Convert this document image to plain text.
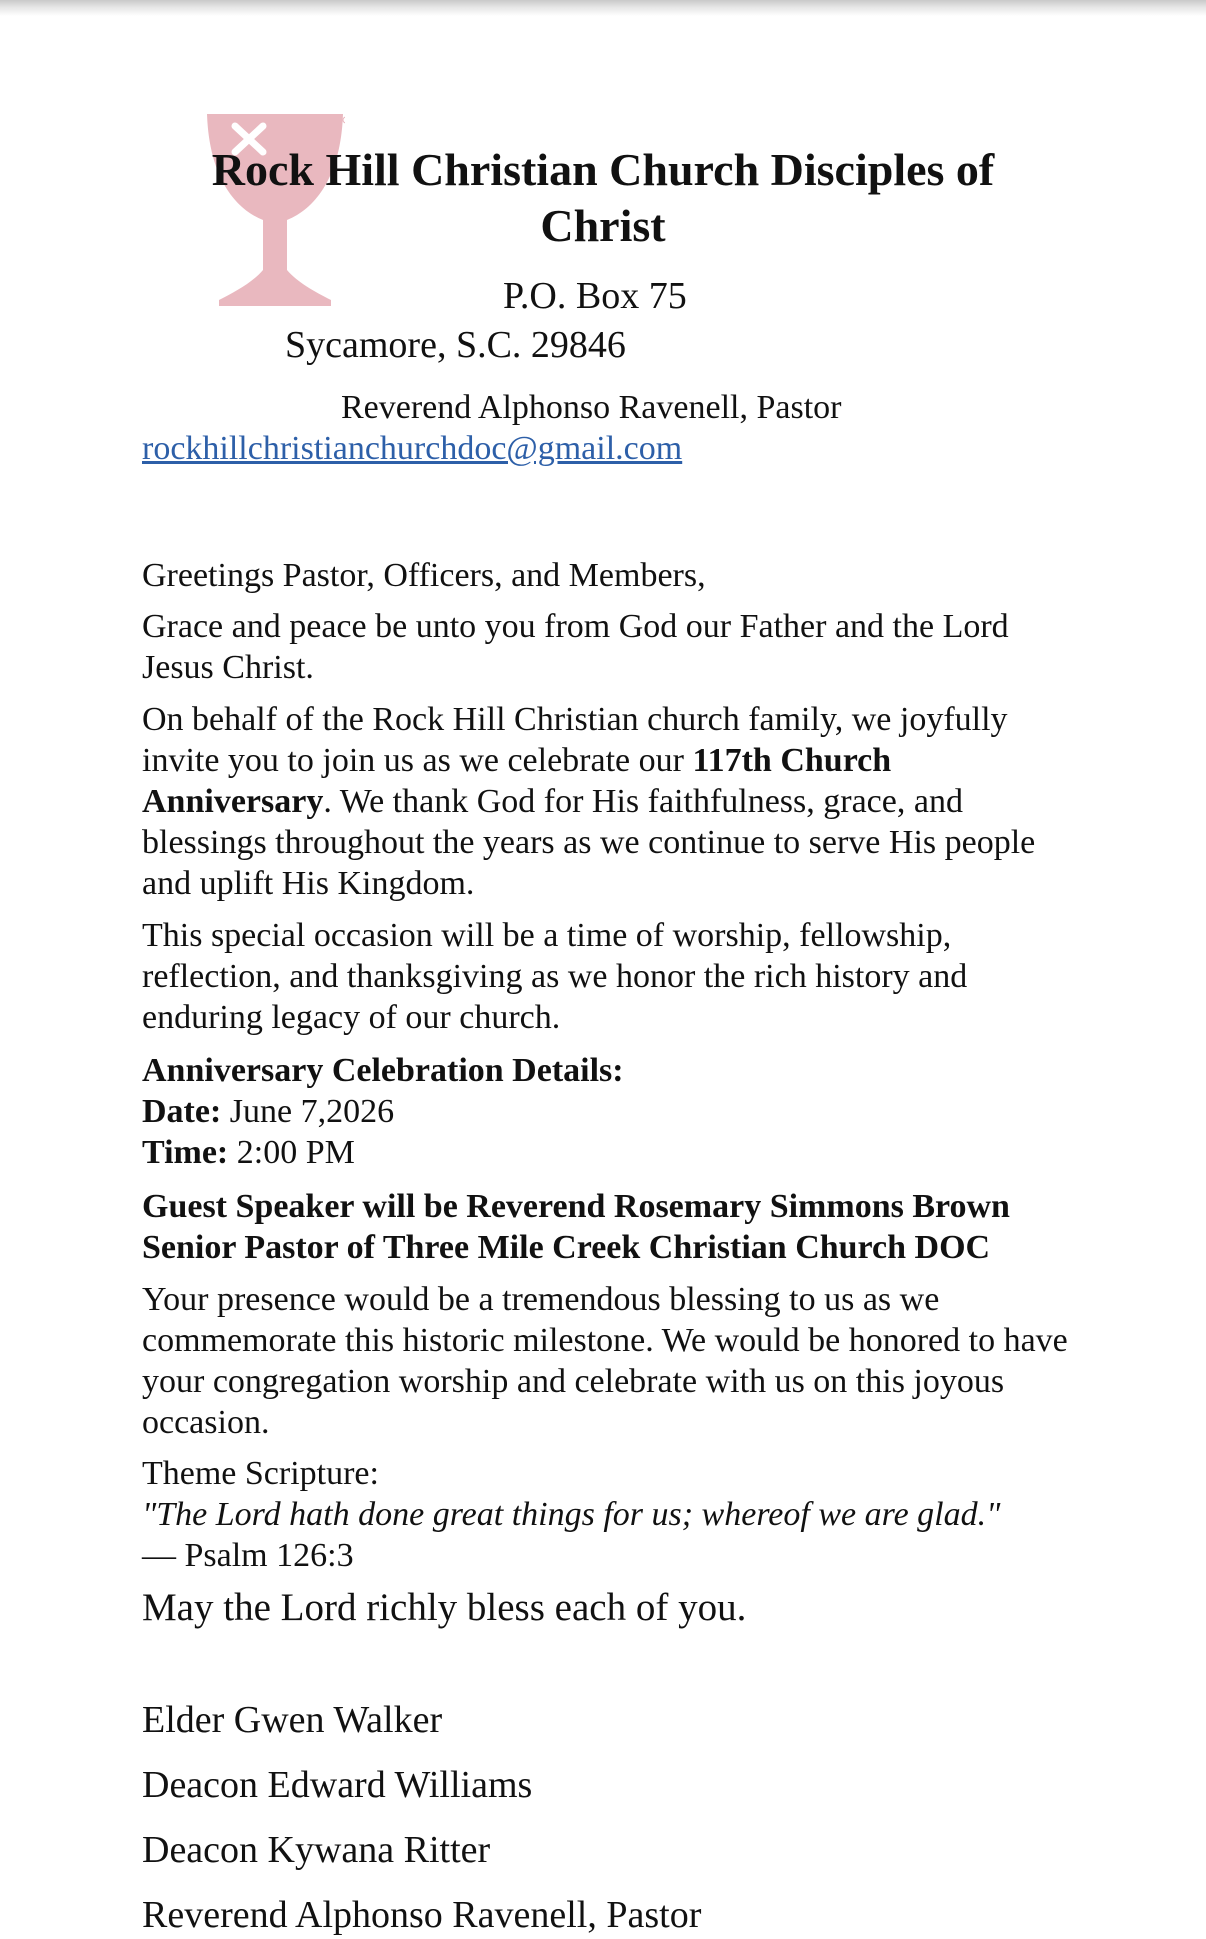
Rock Hill Christian Church Disciples of Christ
P.O. Box 75
Sycamore, S.C. 29846
Reverend Alphonso Ravenell, Pastor
rockhillchristianchurchdoc@gmail.com

Greetings Pastor, Officers, and Members,

Grace and peace be unto you from God our Father and the Lord Jesus Christ.

On behalf of the Rock Hill Christian church family, we joyfully invite you to join us as we celebrate our 117th Church Anniversary. We thank God for His faithfulness, grace, and blessings throughout the years as we continue to serve His people and uplift His Kingdom.

This special occasion will be a time of worship, fellowship, reflection, and thanksgiving as we honor the rich history and enduring legacy of our church.

Anniversary Celebration Details:
Date: June 7,2026
Time: 2:00 PM
Guest Speaker will be Reverend Rosemary Simmons Brown
Senior Pastor of Three Mile Creek Christian Church DOC

Your presence would be a tremendous blessing to us as we commemorate this historic milestone. We would be honored to have your congregation worship and celebrate with us on this joyous occasion.

Theme Scripture:
"The Lord hath done great things for us; whereof we are glad."
— Psalm 126:3
May the Lord richly bless each of you.
Elder Gwen Walker
Deacon Edward Williams
Deacon Kywana Ritter
Reverend Alphonso Ravenell, Pastor
